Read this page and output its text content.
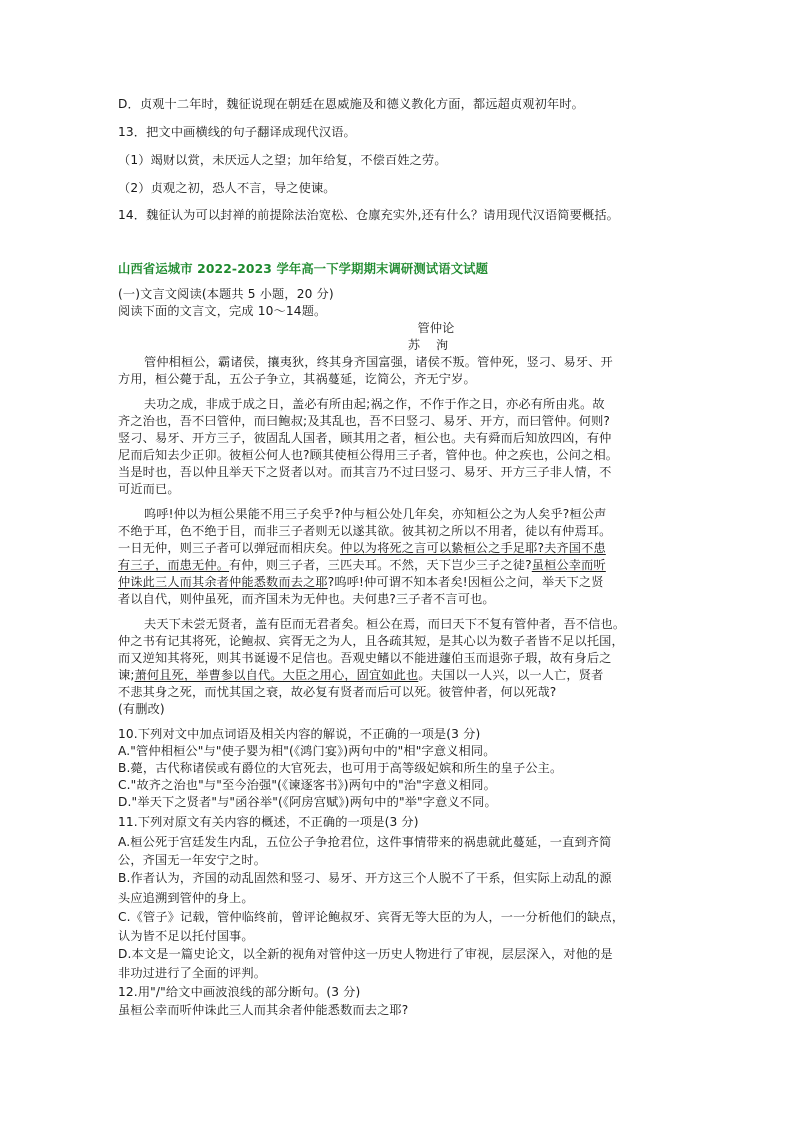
D．贞观十二年时，魏征说现在朝廷在恩威施及和德义教化方面，都远超贞观初年时。
13．把文中画横线的句子翻译成现代汉语。
（1）竭财以赏，未厌远人之望；加年给复，不偿百姓之劳。
（2）贞观之初，恐人不言，导之使谏。
14．魏征认为可以封禅的前提除法治宽松、仓廪充实外,还有什么？请用现代汉语简要概括。
山西省运城市 2022-2023 学年高一下学期期末调研测试语文试题
(一)文言文阅读(本题共 5 小题，20 分)
阅读下面的文言文，完成 10～14题。
管仲论
苏 洵
管仲相桓公，霸诸侯，攘夷狄，终其身齐国富强，诸侯不叛。管仲死，竖刁、易牙、开
方用，桓公薨于乱，五公子争立，其祸蔓延，讫简公，齐无宁岁。
夫功之成，非成于成之日，盖必有所由起;祸之作，不作于作之日，亦必有所由兆。故
齐之治也，吾不曰管仲，而曰鲍叔;及其乱也，吾不曰竖刁、易牙、开方，而曰管仲。何则?
竖刁、易牙、开方三子，彼固乱人国者，顾其用之者，桓公也。夫有舜而后知放四凶，有仲
尼而后知去少正卯。彼桓公何人也?顾其使桓公得用三子者，管仲也。仲之疾也，公问之相。
当是时也，吾以仲且举天下之贤者以对。而其言乃不过曰竖刁、易牙、开方三子非人情，不
可近而已。
呜呼!仲以为桓公果能不用三子矣乎?仲与桓公处几年矣，亦知桓公之为人矣乎?桓公声
不绝于耳，色不绝于目，而非三子者则无以遂其欲。彼其初之所以不用者，徒以有仲焉耳。
一日无仲，则三子者可以弹冠而相庆矣。仲以为将死之言可以絷桓公之手足耶?夫齐国不患
有三子，而患无仲。有仲，则三子者，三匹夫耳。不然，天下岂少三子之徒?虽桓公幸而听
仲诛此三人而其余者仲能悉数而去之耶?呜呼!仲可谓不知本者矣!因桓公之问，举天下之贤
者以自代，则仲虽死，而齐国未为无仲也。夫何患?三子者不言可也。
夫天下未尝无贤者，盖有臣而无君者矣。桓公在焉，而曰天下不复有管仲者，吾不信也。
仲之书有记其将死，论鲍叔、宾胥无之为人，且各疏其短，是其心以为数子者皆不足以托国，
而又逆知其将死，则其书诞谩不足信也。吾观史鳍以不能进蘧伯玉而退弥子瑕，故有身后之
谏;萧何且死，举曹参以自代。大臣之用心，固宜如此也。夫国以一人兴，以一人亡，贤者
不悲其身之死，而忧其国之衰，故必复有贤者而后可以死。彼管仲者，何以死哉?
(有删改)
10.下列对文中加点词语及相关内容的解说，不正确的一项是(3 分)
A."管仲相桓公"与"使子婴为相"(《鸿门宴》)两句中的"相"字意义相同。
B.薨，古代称诸侯或有爵位的大官死去，也可用于高等级妃嫔和所生的皇子公主。
C."故齐之治也"与"至今治强"(《谏逐客书》)两句中的"治"字意义相同。
D."举天下之贤者"与"函谷举"(《阿房宫赋》)两句中的"举"字意义不同。
11.下列对原文有关内容的概述，不正确的一项是(3 分)
A.桓公死于宫廷发生内乱，五位公子争抢君位，这件事情带来的祸患就此蔓延，一直到齐简
公，齐国无一年安宁之时。
B.作者认为，齐国的动乱固然和竖刁、易牙、开方这三个人脱不了干系，但实际上动乱的源
头应追溯到管仲的身上。
C.《管子》记载，管仲临终前，曾评论鲍叔牙、宾胥无等大臣的为人，一一分析他们的缺点，
认为皆不足以托付国事。
D.本文是一篇史论文，以全新的视角对管仲这一历史人物进行了审视，层层深入，对他的是
非功过进行了全面的评判。
12.用"/"给文中画波浪线的部分断句。(3 分)
虽桓公幸而听仲诛此三人而其余者仲能悉数而去之耶?
